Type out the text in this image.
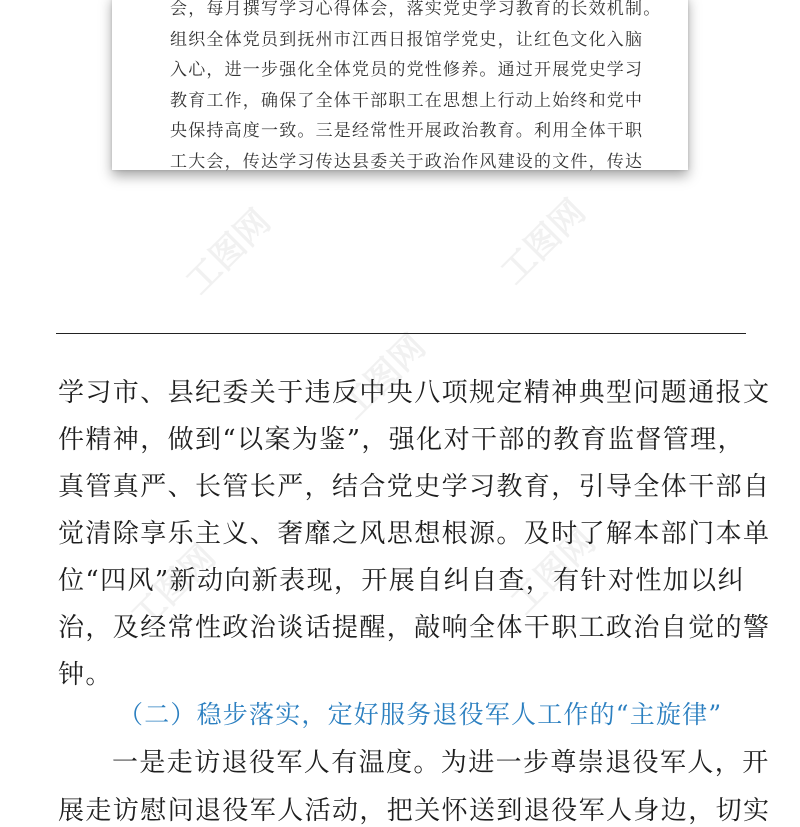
工图网	工图网
工图网
工图网	工图网
会，每月撰写学习心得体会，落实党史学习教育的长效机制。
组织全体党员到抚州市江西日报馆学党史，让红色文化入脑
入心，进一步强化全体党员的党性修养。通过开展党史学习
教育工作，确保了全体干部职工在思想上行动上始终和党中
央保持高度一致。三是经常性开展政治教育。利用全体干职
工大会，传达学习传达县委关于政治作风建设的文件，传达
学习市、县纪委关于违反中央八项规定精神典型问题通报文
件精神，做到“以案为鉴”，强化对干部的教育监督管理，
真管真严、长管长严，结合党史学习教育，引导全体干部自
觉清除享乐主义、奢靡之风思想根源。及时了解本部门本单
位“四风”新动向新表现，开展自纠自查，有针对性加以纠
治，及经常性政治谈话提醒，敲响全体干职工政治自觉的警
钟。
（二）稳步落实，定好服务退役军人工作的“主旋律”
一是走访退役军人有温度。为进一步尊崇退役军人，开
展走访慰问退役军人活动，把关怀送到退役军人身边，切实
